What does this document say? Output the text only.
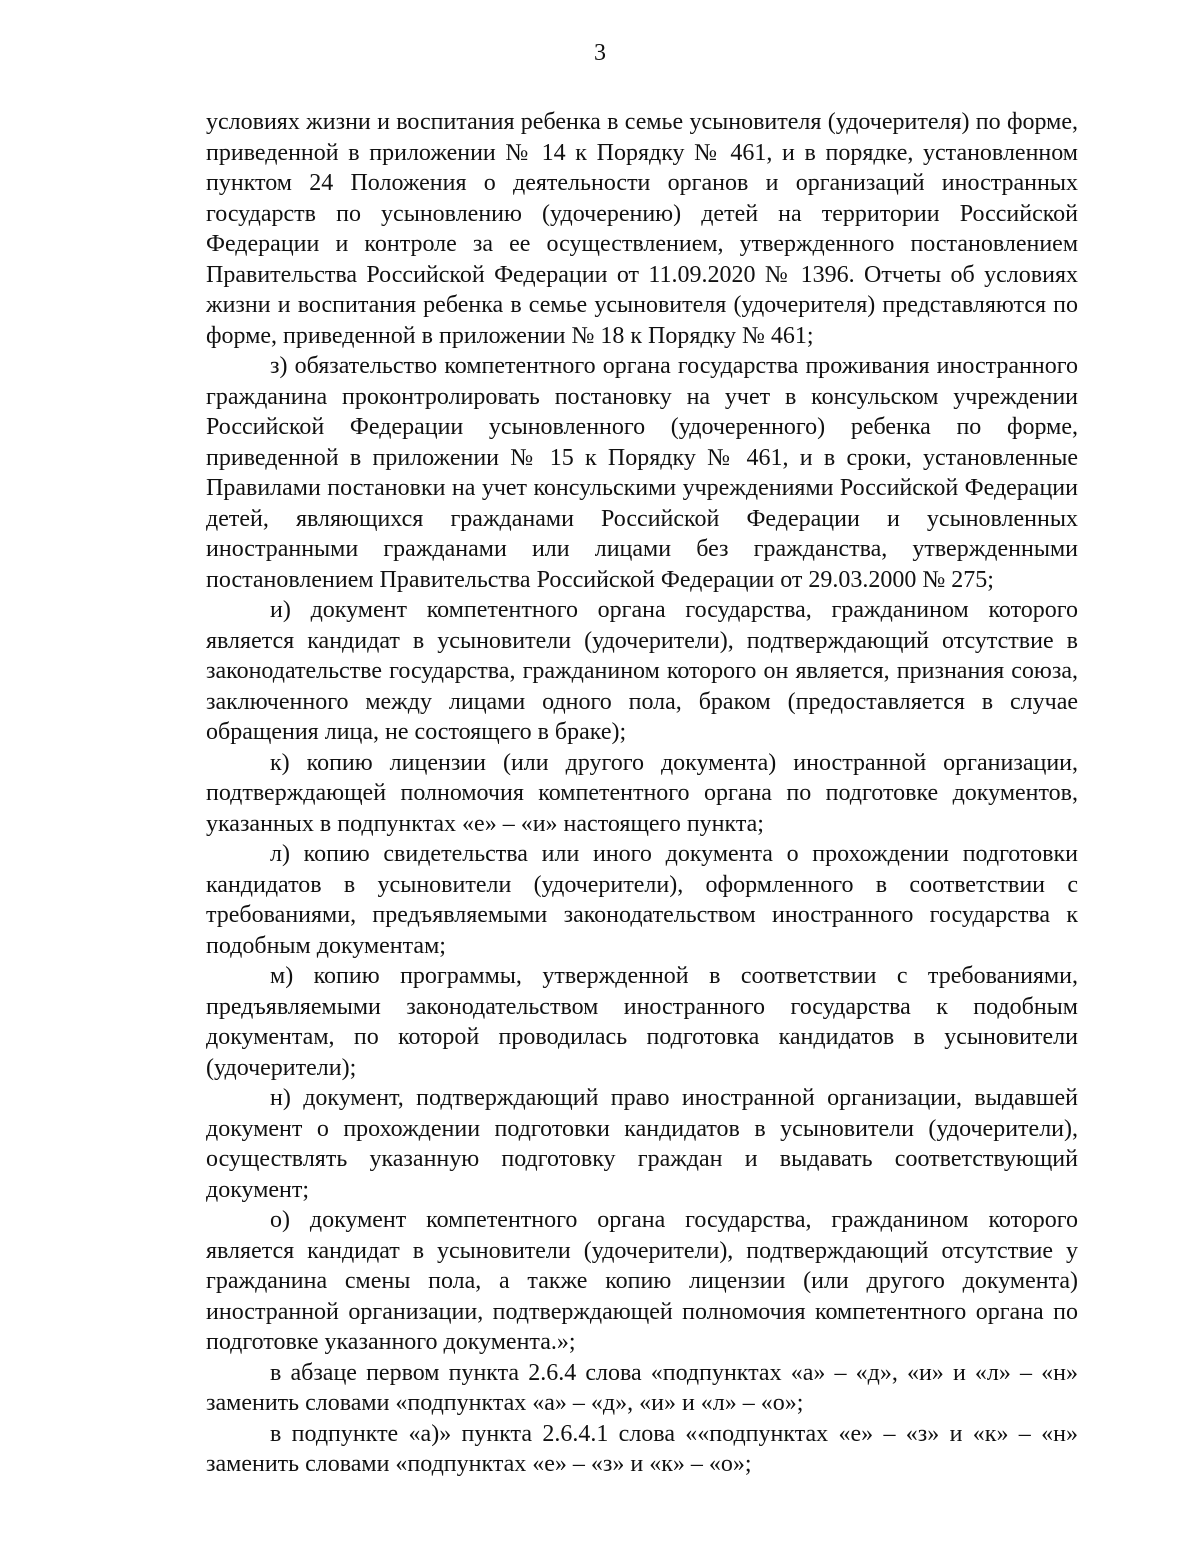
3

условиях жизни и воспитания ребенка в семье усыновителя (удочерителя) по форме, приведенной в приложении № 14 к Порядку № 461, и в порядке, установленном пунктом 24 Положения о деятельности органов и организаций иностранных государств по усыновлению (удочерению) детей на территории Российской Федерации и контроле за ее осуществлением, утвержденного постановлением Правительства Российской Федерации от 11.09.2020 № 1396. Отчеты об условиях жизни и воспитания ребенка в семье усыновителя (удочерителя) представляются по форме, приведенной в приложении № 18 к Порядку № 461;

з) обязательство компетентного органа государства проживания иностранного гражданина проконтролировать постановку на учет в консульском учреждении Российской Федерации усыновленного (удочеренного) ребенка по форме, приведенной в приложении № 15 к Порядку № 461, и в сроки, установленные Правилами постановки на учет консульскими учреждениями Российской Федерации детей, являющихся гражданами Российской Федерации и усыновленных иностранными гражданами или лицами без гражданства, утвержденными постановлением Правительства Российской Федерации от 29.03.2000 № 275;

и) документ компетентного органа государства, гражданином которого является кандидат в усыновители (удочерители), подтверждающий отсутствие в законодательстве государства, гражданином которого он является, признания союза, заключенного между лицами одного пола, браком (предоставляется в случае обращения лица, не состоящего в браке);

к) копию лицензии (или другого документа) иностранной организации, подтверждающей полномочия компетентного органа по подготовке документов, указанных в подпунктах «е» – «и» настоящего пункта;

л) копию свидетельства или иного документа о прохождении подготовки кандидатов в усыновители (удочерители), оформленного в соответствии с требованиями, предъявляемыми законодательством иностранного государства к подобным документам;

м) копию программы, утвержденной в соответствии с требованиями, предъявляемыми законодательством иностранного государства к подобным документам, по которой проводилась подготовка кандидатов в усыновители (удочерители);

н) документ, подтверждающий право иностранной организации, выдавшей документ о прохождении подготовки кандидатов в усыновители (удочерители), осуществлять указанную подготовку граждан и выдавать соответствующий документ;

о) документ компетентного органа государства, гражданином которого является кандидат в усыновители (удочерители), подтверждающий отсутствие у гражданина смены пола, а также копию лицензии (или другого документа) иностранной организации, подтверждающей полномочия компетентного органа по подготовке указанного документа.»;

в абзаце первом пункта 2.6.4 слова «подпунктах «а» – «д», «и» и «л» – «н» заменить словами «подпунктах «а» – «д», «и» и «л» – «о»;

в подпункте «а)» пункта 2.6.4.1 слова ««подпунктах «е» – «з» и «к» – «н» заменить словами «подпунктах «е» – «з» и «к» – «о»;
